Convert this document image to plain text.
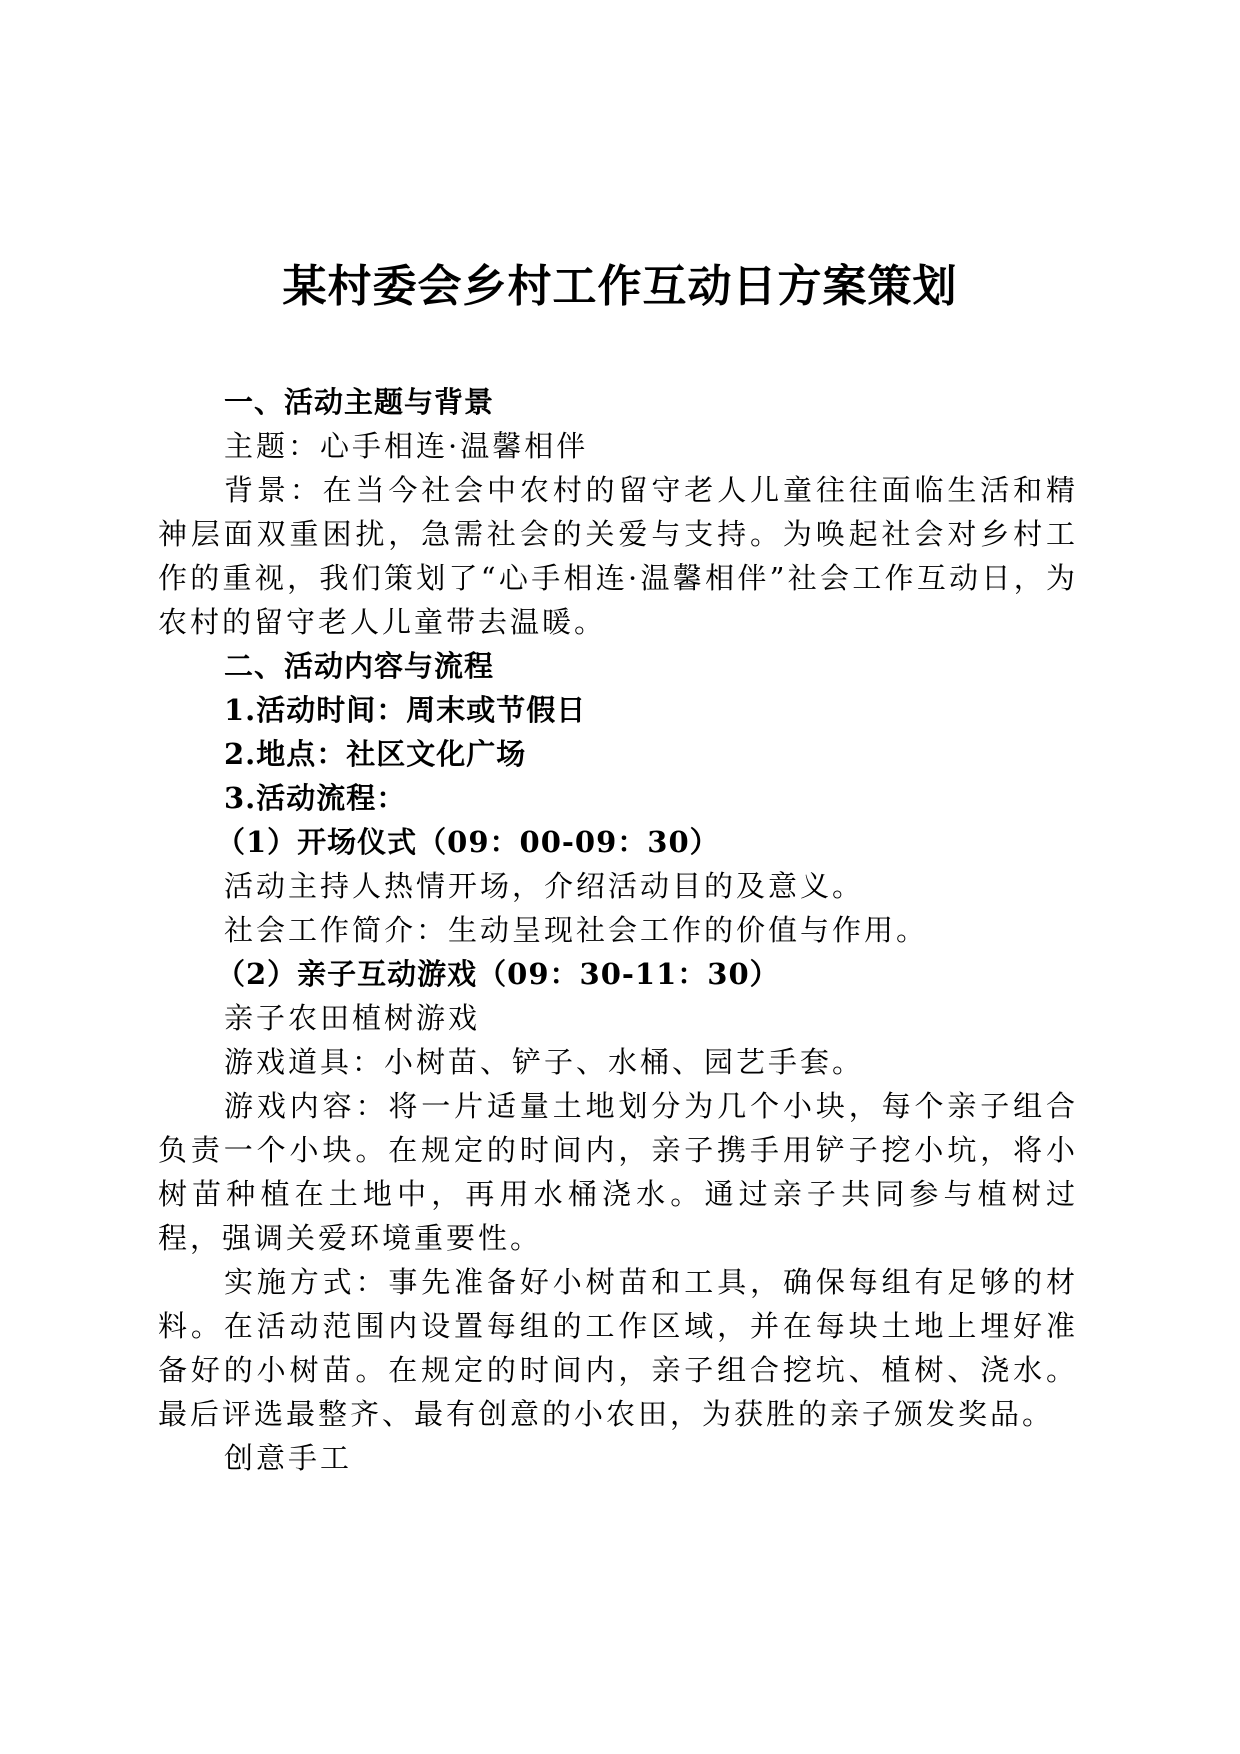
某村委会乡村工作互动日方案策划

一、活动主题与背景

主题：心手相连·温馨相伴

背景：在当今社会中农村的留守老人儿童往往面临生活和精神层面双重困扰，急需社会的关爱与支持。为唤起社会对乡村工作的重视，我们策划了“心手相连·温馨相伴”社会工作互动日，为农村的留守老人儿童带去温暖。

二、活动内容与流程

1.活动时间：周末或节假日

2.地点：社区文化广场

3.活动流程：

（1）开场仪式（09：00-09：30）

活动主持人热情开场，介绍活动目的及意义。

社会工作简介：生动呈现社会工作的价值与作用。

（2）亲子互动游戏（09：30-11：30）

亲子农田植树游戏

游戏道具：小树苗、铲子、水桶、园艺手套。

游戏内容：将一片适量土地划分为几个小块，每个亲子组合负责一个小块。在规定的时间内，亲子携手用铲子挖小坑，将小树苗种植在土地中，再用水桶浇水。通过亲子共同参与植树过程，强调关爱环境重要性。

实施方式：事先准备好小树苗和工具，确保每组有足够的材料。在活动范围内设置每组的工作区域，并在每块土地上埋好准备好的小树苗。在规定的时间内，亲子组合挖坑、植树、浇水。最后评选最整齐、最有创意的小农田，为获胜的亲子颁发奖品。

创意手工
